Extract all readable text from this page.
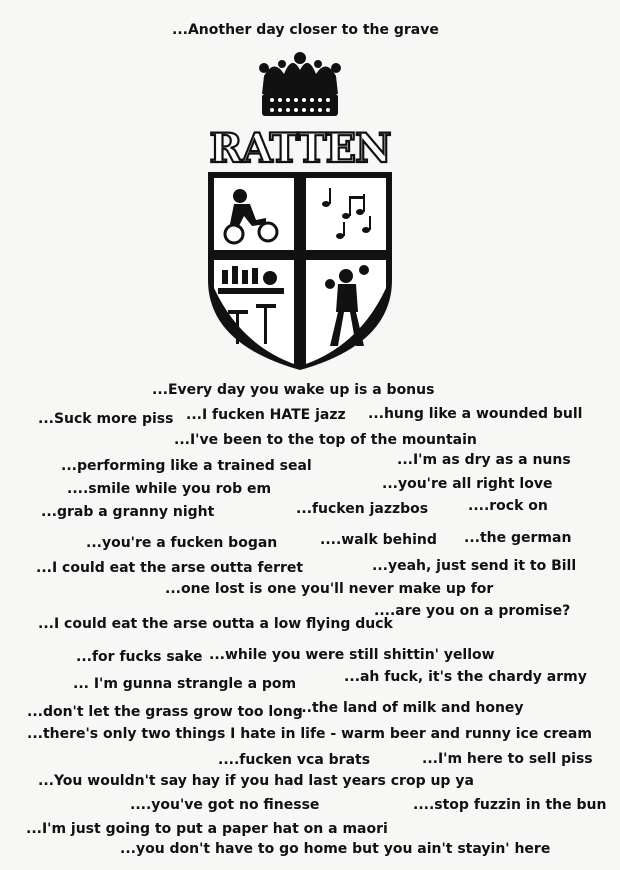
...Another day closer to the grave
RATTEN
...Every day you wake up is a bonus
...Suck more piss ...I fucken HATE jazz ...hung like a wounded bull
...I've been to the top of the mountain
...performing like a trained seal	...I'm as dry as a nuns
....smile while you rob em	...you're all right love
...grab a granny night	...fucken jazzbos	....rock on
...you're a fucken bogan	....walk behind ...the german
...I could eat the arse outta ferret	...yeah, just send it to Bill
...one lost is one you'll never make up for
...I could eat the arse outta a low flying duck
....are you on a promise?
...for fucks sake ...while you were still shittin' yellow
... I'm gunna strangle a pom	...ah fuck, it's the chardy army
...don't let the grass grow too long
...the land of milk and honey
...there's only two things I hate in life - warm beer and runny ice cream
....fucken vca brats	...I'm here to sell piss
...You wouldn't say hay if you had last years crop up ya
....you've got no finesse	....stop fuzzin in the bun
...I'm just going to put a paper hat on a maori
...you don't have to go home but you ain't stayin' here
